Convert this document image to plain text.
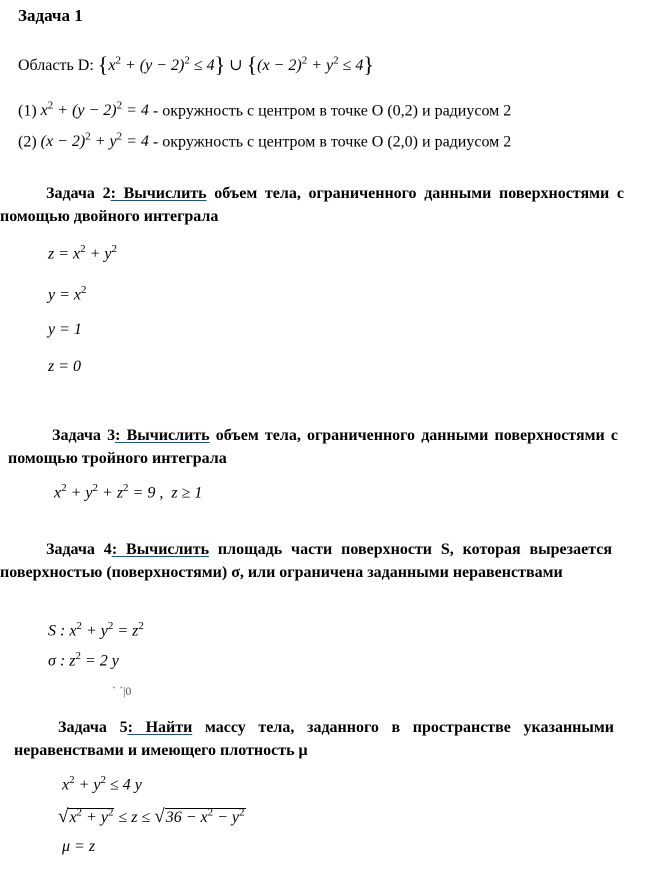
Задача 1
Область D: $\{x^2 + (y - 2)^2 \le 4\}$ ∪ $\{(x - 2)^2 + y^2 \le 4\}$
(1) $x^2 + (y - 2)^2 = 4$ - окружность с центром в точке О (0,2) и радиусом 2
(2) $(x - 2)^2 + y^2 = 4$ - окружность с центром в точке О (2,0) и радиусом 2
Задача 2: Вычислить объем тела, ограниченного данными поверхностями с помощью двойного интеграла
$z = x^2 + y^2$
$y = x^2$
y = 1
z = 0
Задача 3: Вычислить объем тела, ограниченного данными поверхностями с помощью тройного интеграла
$x^2 + y^2 + z^2 = 9$ ,  z ≥ 1
Задача 4: Вычислить площадь части поверхности S, которая вырезается поверхностью (поверхностями) σ, или ограничена заданными неравенствами
S : $x^2 + y^2 = z^2$
σ : $z^2 = 2$ y
` ´|0
Задача 5: Найти массу тела, заданного в пространстве указанными неравенствами и имеющего плотность μ
$x^2 + y^2 \le 4$ y
$√x^2 + y^2 \le z \le √36 - x^2 - y^2$
μ = z
